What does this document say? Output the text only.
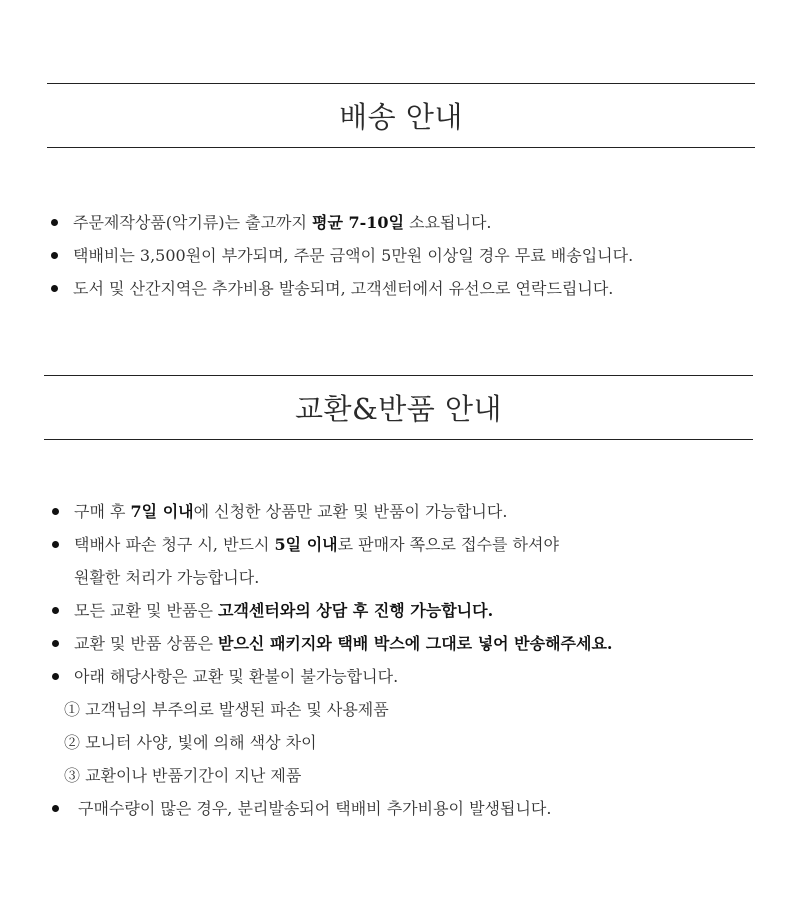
배송 안내
주문제작상품(악기류)는 출고까지 평균 7-10일 소요됩니다.
택배비는 3,500원이 부가되며, 주문 금액이 5만원 이상일 경우 무료 배송입니다.
도서 및 산간지역은 추가비용 발송되며, 고객센터에서 유선으로 연락드립니다.
교환&반품 안내
구매 후 7일 이내에 신청한 상품만 교환 및 반품이 가능합니다.
택배사 파손 청구 시, 반드시 5일 이내로 판매자 쪽으로 접수를 하셔야
원활한 처리가 가능합니다.
모든 교환 및 반품은 고객센터와의 상담 후 진행 가능합니다.
교환 및 반품 상품은 받으신 패키지와 택배 박스에 그대로 넣어 반송해주세요.
아래 해당사항은 교환 및 환불이 불가능합니다.
① 고객님의 부주의로 발생된 파손 및 사용제품
② 모니터 사양, 빛에 의해 색상 차이
③ 교환이나 반품기간이 지난 제품
구매수량이 많은 경우, 분리발송되어 택배비 추가비용이 발생됩니다.
